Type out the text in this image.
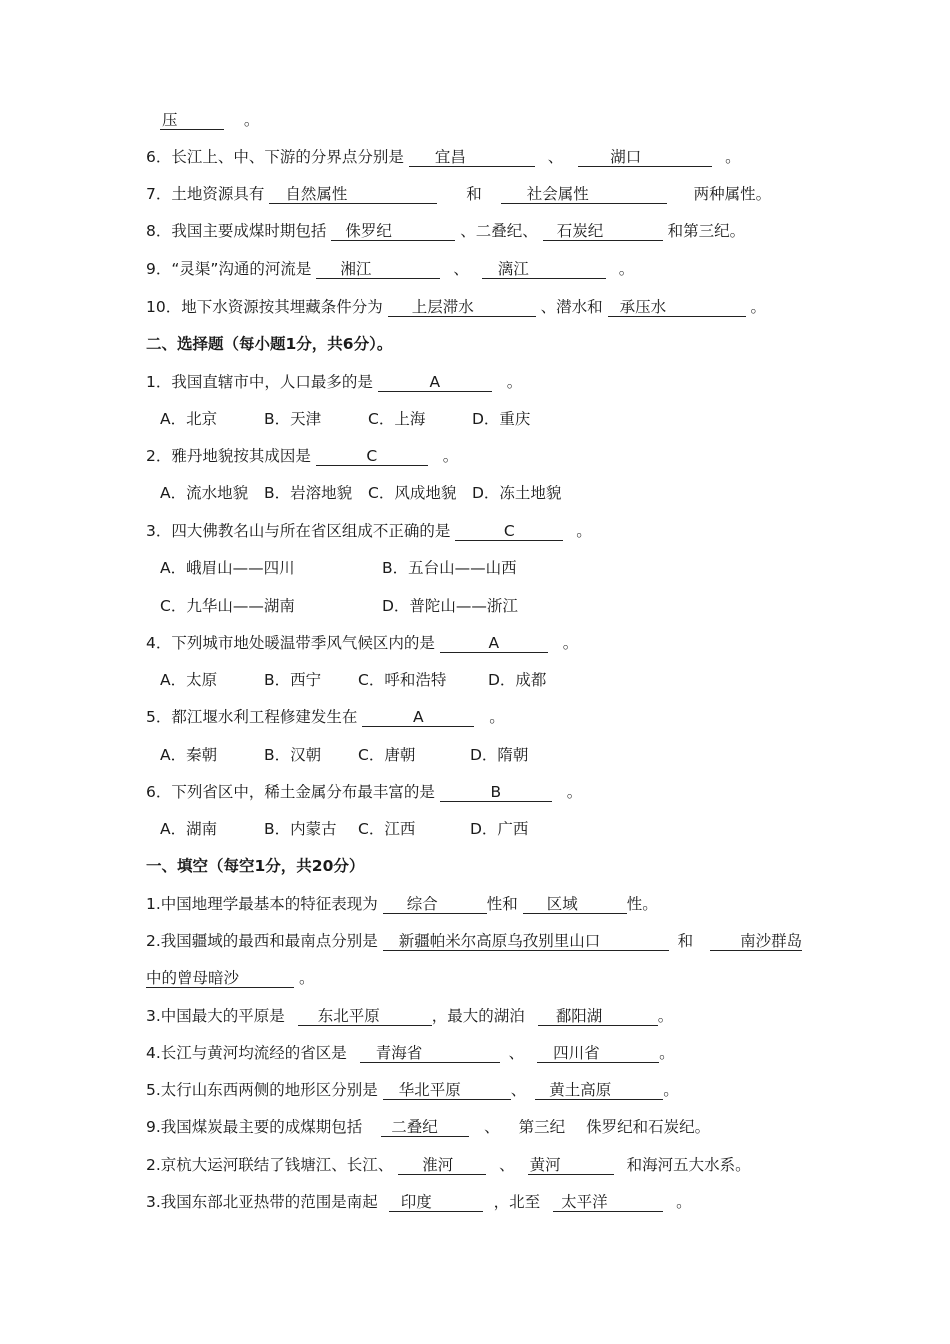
压	。
6．长江上、中、下游的分界点分别是 宜昌	、	湖口	。
7．土地资源具有 自然属性	和	社会属性	两种属性。
8．我国主要成煤时期包括 侏罗纪	、二叠纪、 石炭纪	和第三纪。
9．“灵渠”沟通的河流是 湘江	、 漓江	。
10．地下水资源按其埋藏条件分为 上层滞水	、潜水和 承压水	。
二、选择题（每小题1分，共6分）。
1．我国直辖市中，人口最多的是	A	。
A．北京	B．天津	C．上海	D．重庆
2．雅丹地貌按其成因是	C	。
A．流水地貌 B．岩溶地貌 C．风成地貌 D．冻土地貌
3．四大佛教名山与所在省区组成不正确的是	C	。
A．峨眉山——四川	B．五台山——山西
C．九华山——湖南	D．普陀山——浙江
4．下列城市地处暖温带季风气候区内的是	A	。
A．太原	B．西宁 C．呼和浩特	D．成都
5．都江堰水利工程修建发生在	A	。
A．秦朝	B．汉朝 C．唐朝	D．隋朝
6．下列省区中，稀土金属分布最丰富的是	B	。
A．湖南	B．内蒙古 C．江西	D．广西
一、填空（每空1分，共20分）
1.中国地理学最基本的特征表现为 综合	性和 区域	性。
2.我国疆域的最西和最南点分别是 新疆帕米尔高原乌孜别里山口	和	南沙群岛
中的曾母暗沙	。
3.中国最大的平原是 东北平原	，最大的湖泊 鄱阳湖	。
4.长江与黄河均流经的省区是 青海省	、 四川省	。
5.太行山东西两侧的地形区分别是 华北平原	、 黄土高原	。
9.我国煤炭最主要的成煤期包括 二叠纪	、 第三纪 侏罗纪和石炭纪。
2.京杭大运河联结了钱塘江、长江、 淮河	、 黄河	和海河五大水系。
3.我国东部北亚热带的范围是南起 印度	，北至 太平洋	。
